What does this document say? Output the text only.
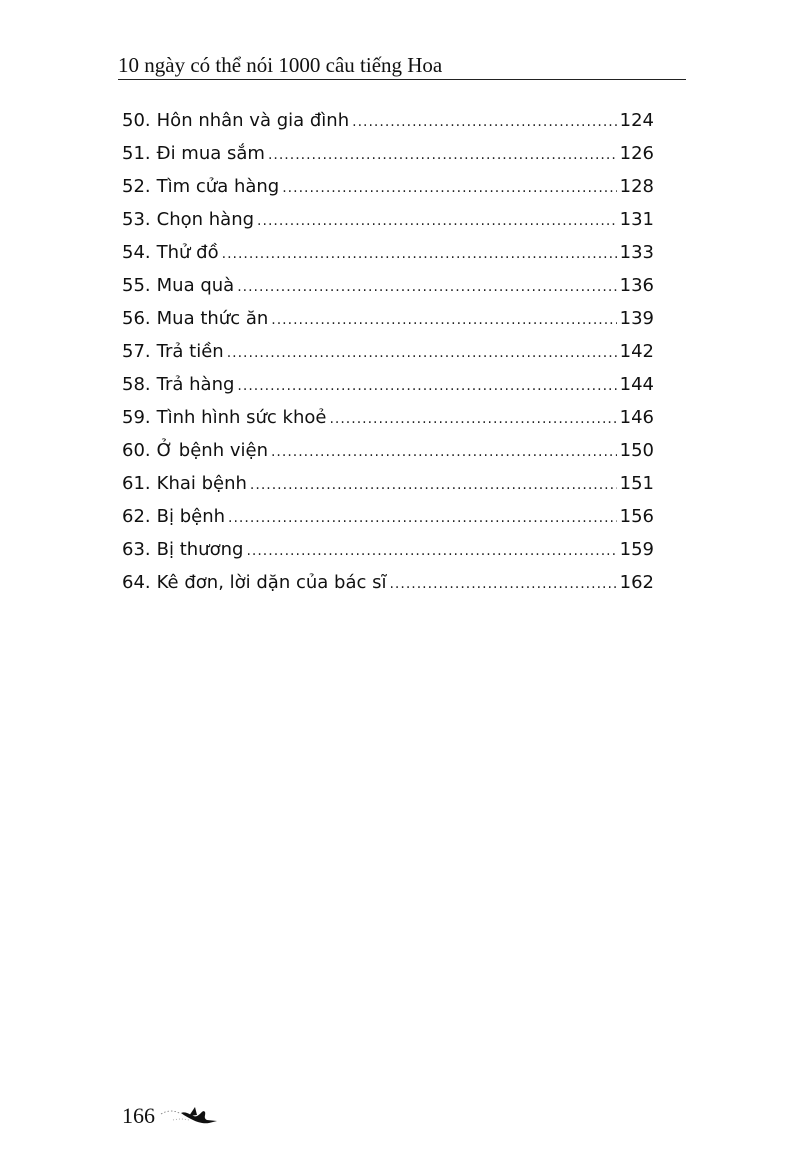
10 ngày có thể nói 1000 câu tiếng Hoa
50. Hôn nhân và gia đình .....	124
51. Đi mua sắm .....	126
52. Tìm cửa hàng .....	128
53. Chọn hàng .....	131
54. Thử đồ .....	133
55. Mua quà .....	136
56. Mua thức ăn .....	139
57. Trả tiền .....	142
58. Trả hàng .....	144
59. Tình hình sức khoẻ .....	146
60. Ở bệnh viện .....	150
61. Khai bệnh .....	151
62. Bị bệnh .....	156
63. Bị thương .....	159
64. Kê đơn, lời dặn của bác sĩ .....	162
166
